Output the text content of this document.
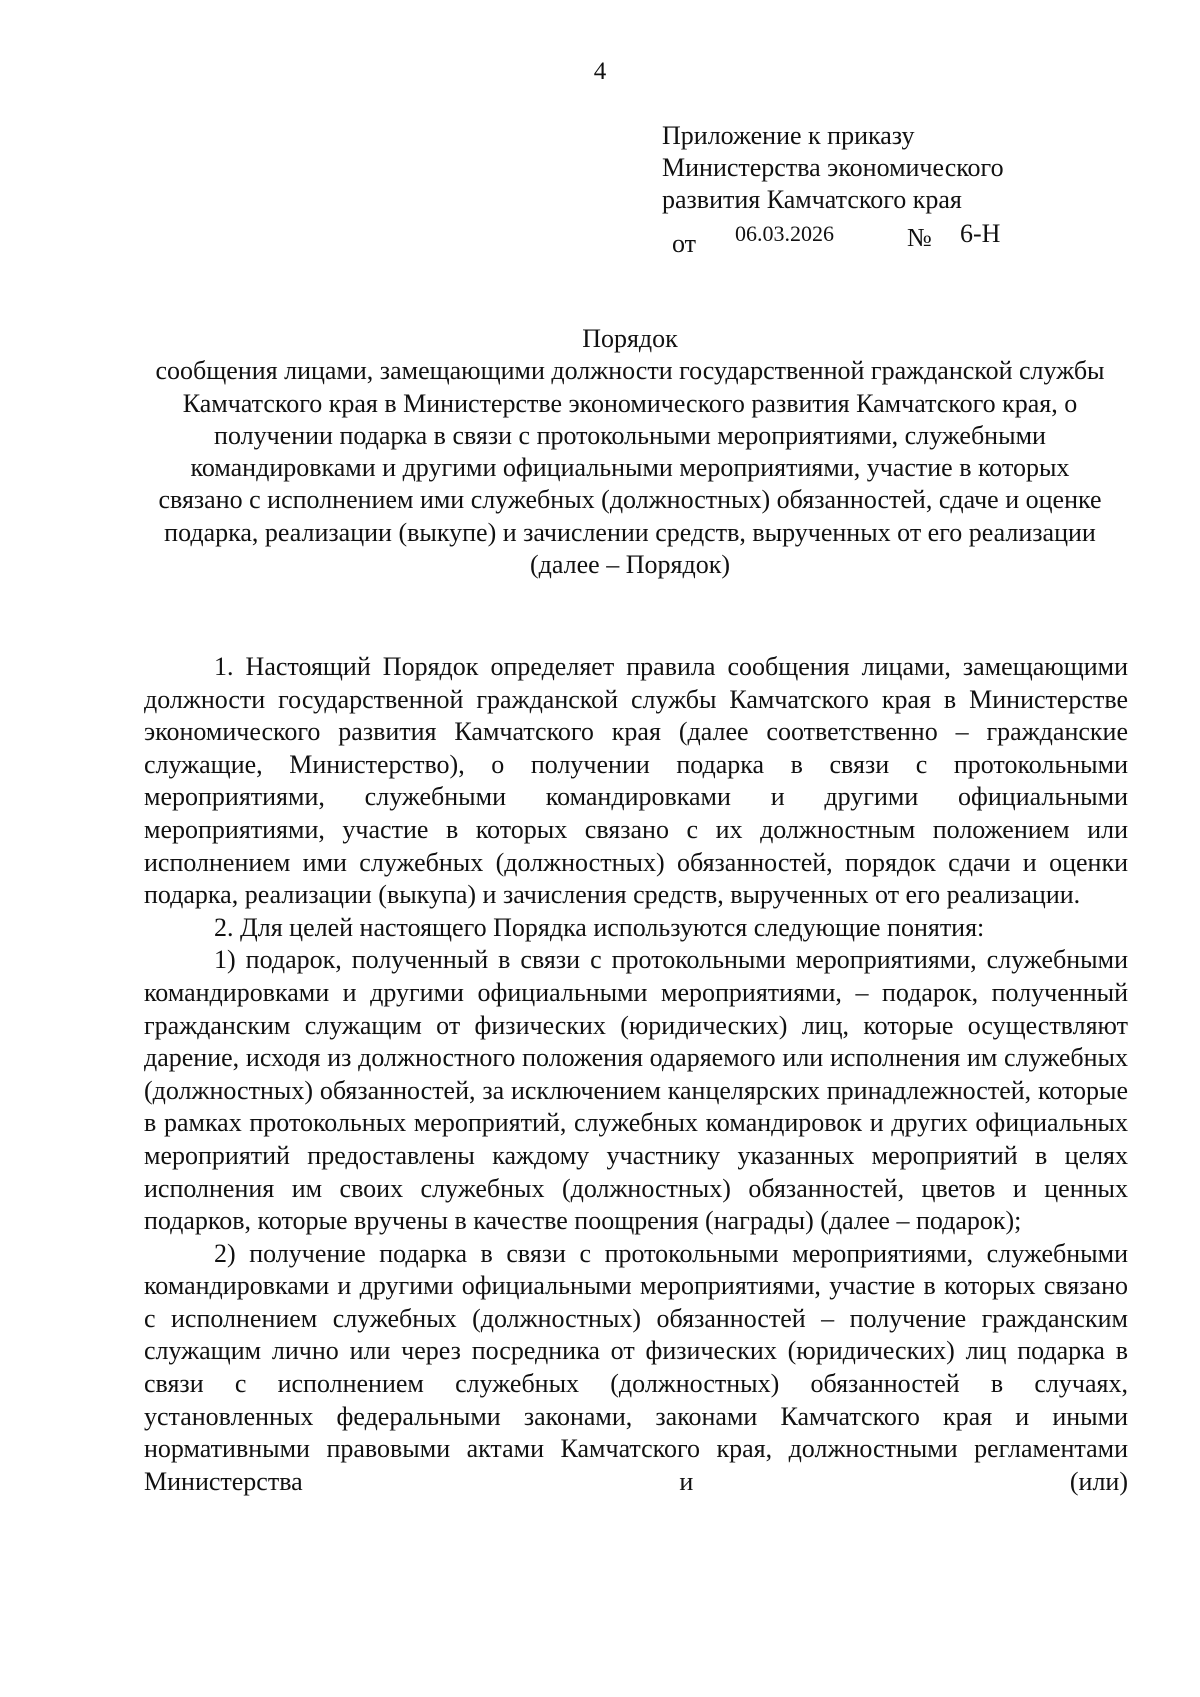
4
Приложение к приказу
Министерства экономического
развития Камчатского края
от 06.03.2026	№ 6-Н
Порядок
сообщения лицами, замещающими должности государственной гражданской службы Камчатского края в Министерстве экономического развития Камчатского края, о получении подарка в связи с протокольными мероприятиями, служебными командировками и другими официальными мероприятиями, участие в которых связано с исполнением ими служебных (должностных) обязанностей, сдаче и оценке подарка, реализации (выкупе) и зачислении средств, вырученных от его реализации (далее – Порядок)

1. Настоящий Порядок определяет правила сообщения лицами, замещающими должности государственной гражданской службы Камчатского края в Министерстве экономического развития Камчатского края (далее соответственно – гражданские служащие, Министерство), о получении подарка в связи с протокольными мероприятиями, служебными командировками и другими официальными мероприятиями, участие в которых связано с их должностным положением или исполнением ими служебных (должностных) обязанностей, порядок сдачи и оценки подарка, реализации (выкупа) и зачисления средств, вырученных от его реализации.

2. Для целей настоящего Порядка используются следующие понятия:

1) подарок, полученный в связи с протокольными мероприятиями, служебными командировками и другими официальными мероприятиями, – подарок, полученный гражданским служащим от физических (юридических) лиц, которые осуществляют дарение, исходя из должностного положения одаряемого или исполнения им служебных (должностных) обязанностей, за исключением канцелярских принадлежностей, которые в рамках протокольных мероприятий, служебных командировок и других официальных мероприятий предоставлены каждому участнику указанных мероприятий в целях исполнения им своих служебных (должностных) обязанностей, цветов и ценных подарков, которые вручены в качестве поощрения (награды) (далее – подарок);

2) получение подарка в связи с протокольными мероприятиями, служебными командировками и другими официальными мероприятиями, участие в которых связано с исполнением служебных (должностных) обязанностей – получение гражданским служащим лично или через посредника от физических (юридических) лиц подарка в связи с исполнением служебных (должностных) обязанностей в случаях, установленных федеральными законами, законами Камчатского края и иными нормативными правовыми актами Камчатского края, должностными регламентами Министерства и (или)
